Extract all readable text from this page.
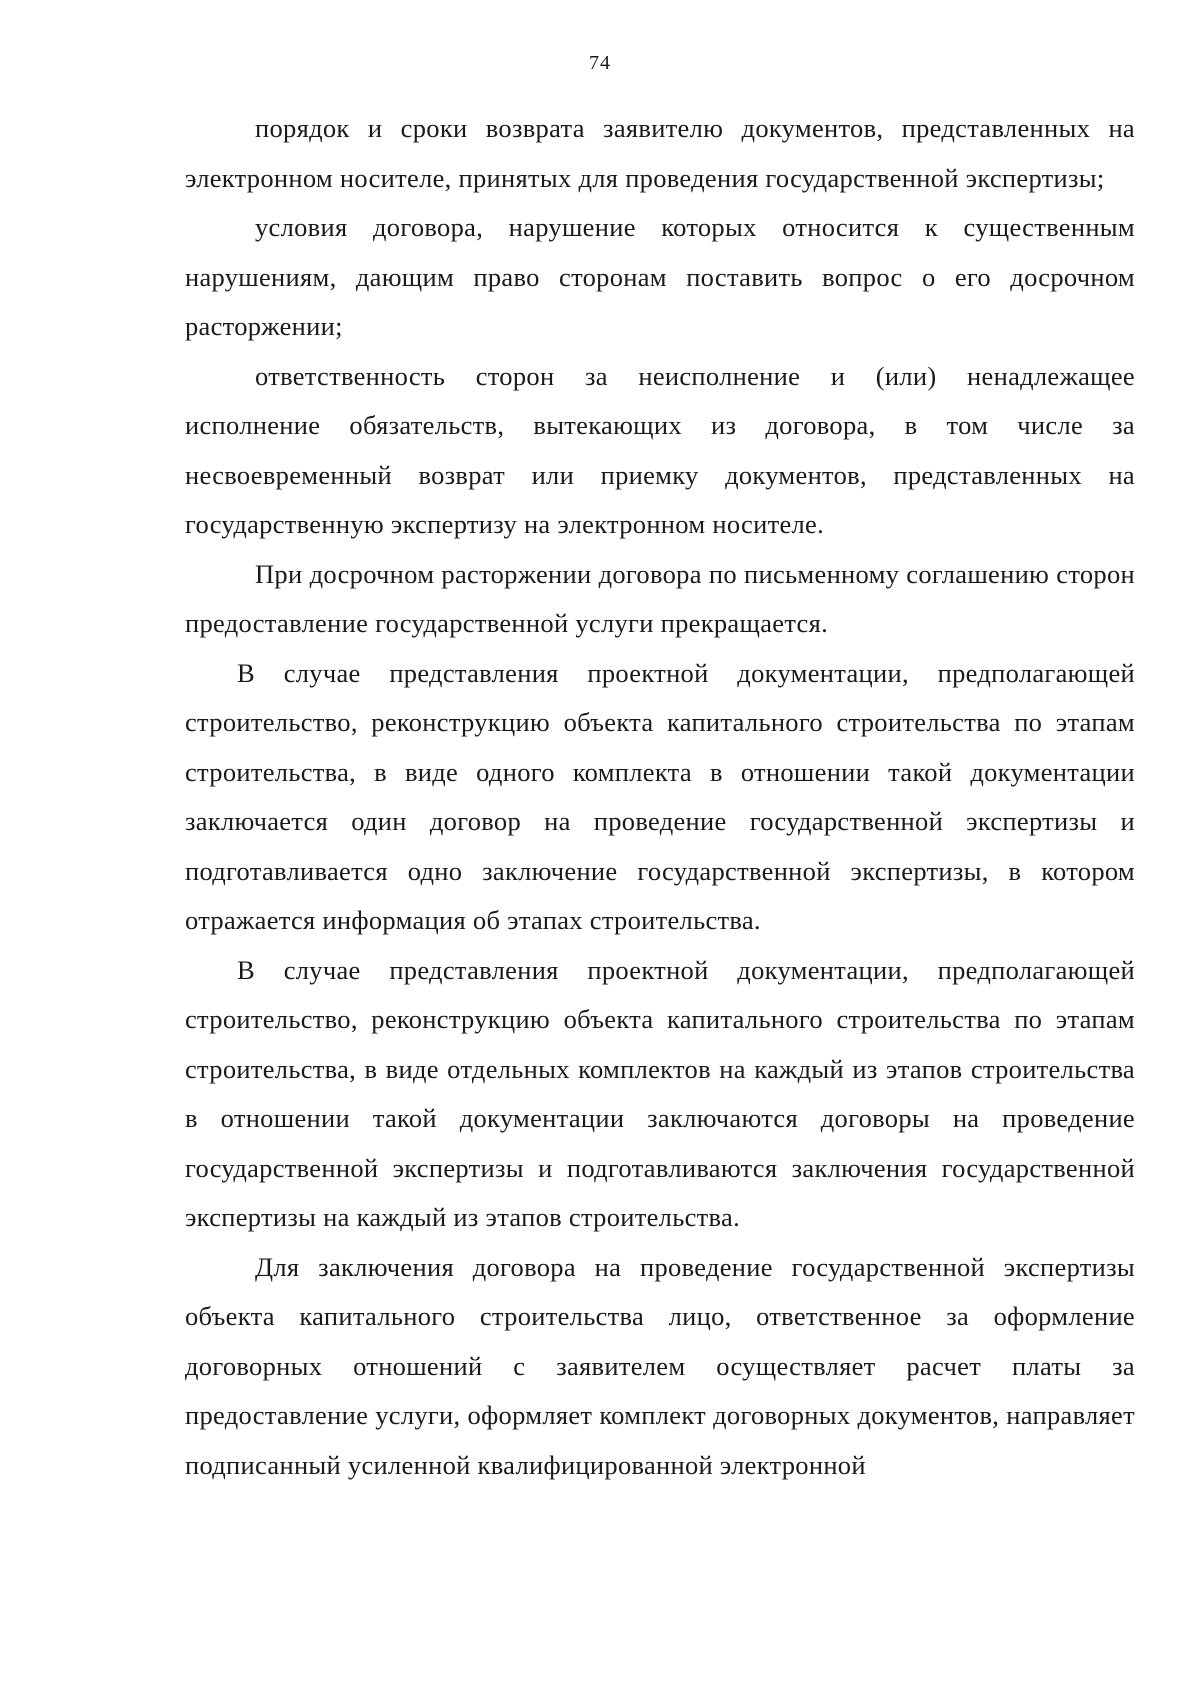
74

порядок и сроки возврата заявителю документов, представленных на электронном носителе, принятых для проведения государственной экспертизы;

условия договора, нарушение которых относится к существенным нарушениям, дающим право сторонам поставить вопрос о его досрочном расторжении;

ответственность сторон за неисполнение и (или) ненадлежащее исполнение обязательств, вытекающих из договора, в том числе за несвоевременный возврат или приемку документов, представленных на государственную экспертизу на электронном носителе.

При досрочном расторжении договора по письменному соглашению сторон предоставление государственной услуги прекращается.

В случае представления проектной документации, предполагающей строительство, реконструкцию объекта капитального строительства по этапам строительства, в виде одного комплекта в отношении такой документации заключается один договор на проведение государственной экспертизы и подготавливается одно заключение государственной экспертизы, в котором отражается информация об этапах строительства.

В случае представления проектной документации, предполагающей строительство, реконструкцию объекта капитального строительства по этапам строительства, в виде отдельных комплектов на каждый из этапов строительства в отношении такой документации заключаются договоры на проведение государственной экспертизы и подготавливаются заключения государственной экспертизы на каждый из этапов строительства.

Для заключения договора на проведение государственной экспертизы объекта капитального строительства лицо, ответственное за оформление договорных отношений с заявителем осуществляет расчет платы за предоставление услуги, оформляет комплект договорных документов, направляет подписанный усиленной квалифицированной электронной
